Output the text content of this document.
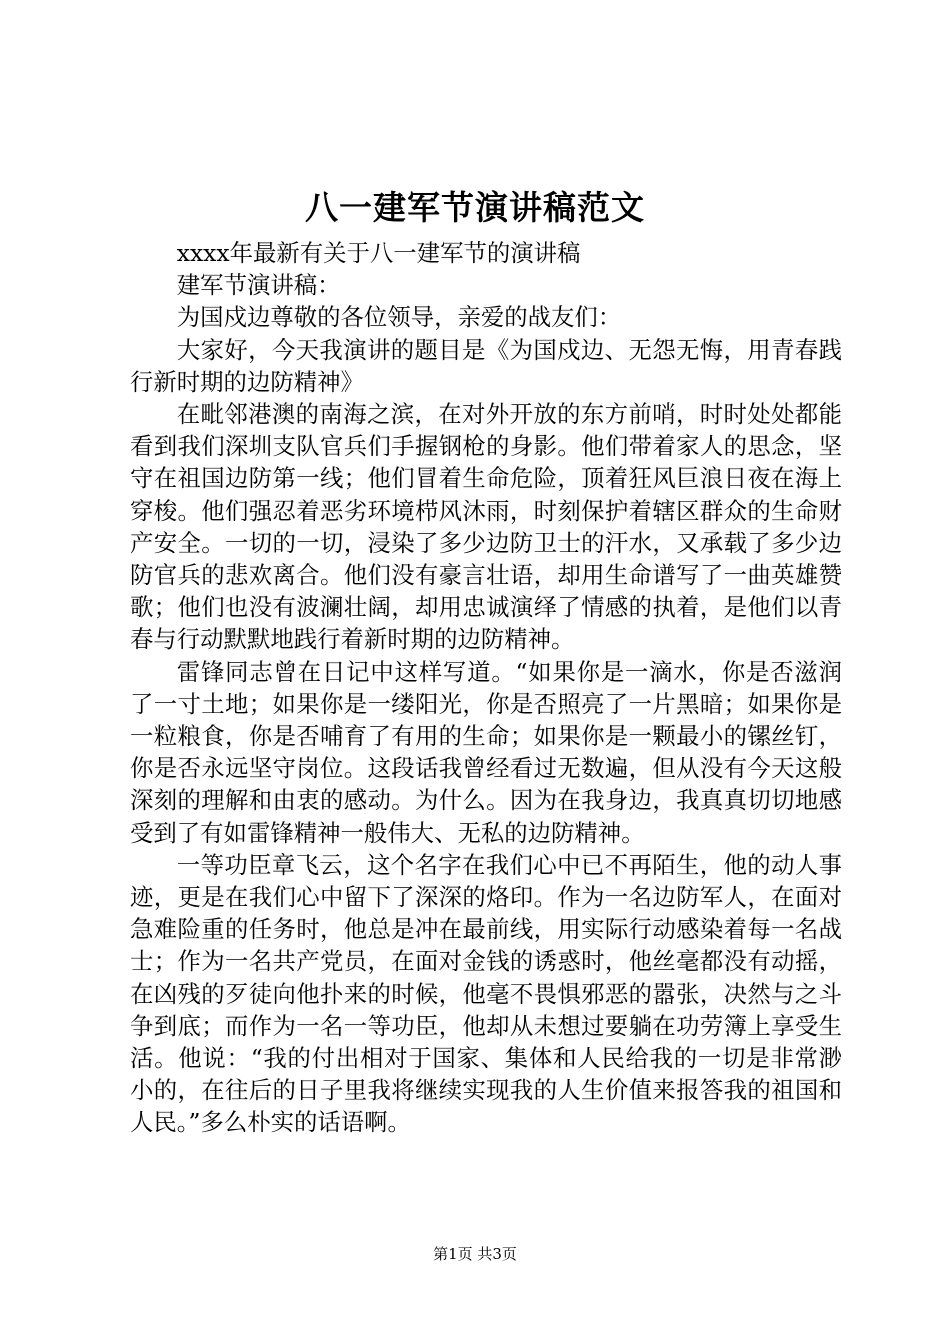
八一建军节演讲稿范文

xxxx年最新有关于八一建军节的演讲稿

建军节演讲稿：

为国戍边尊敬的各位领导，亲爱的战友们：

大家好，今天我演讲的题目是《为国戍边、无怨无悔，用青春践行新时期的边防精神》

在毗邻港澳的南海之滨，在对外开放的东方前哨，时时处处都能看到我们深圳支队官兵们手握钢枪的身影。他们带着家人的思念，坚守在祖国边防第一线；他们冒着生命危险，顶着狂风巨浪日夜在海上穿梭。他们强忍着恶劣环境栉风沐雨，时刻保护着辖区群众的生命财产安全。一切的一切，浸染了多少边防卫士的汗水，又承载了多少边防官兵的悲欢离合。他们没有豪言壮语，却用生命谱写了一曲英雄赞歌；他们也没有波澜壮阔，却用忠诚演绎了情感的执着，是他们以青春与行动默默地践行着新时期的边防精神。

雷锋同志曾在日记中这样写道。“如果你是一滴水，你是否滋润了一寸土地；如果你是一缕阳光，你是否照亮了一片黑暗；如果你是一粒粮食，你是否哺育了有用的生命；如果你是一颗最小的镙丝钉，你是否永远坚守岗位。这段话我曾经看过无数遍，但从没有今天这般深刻的理解和由衷的感动。为什么。因为在我身边，我真真切切地感受到了有如雷锋精神一般伟大、无私的边防精神。

一等功臣章飞云，这个名字在我们心中已不再陌生，他的动人事迹，更是在我们心中留下了深深的烙印。作为一名边防军人，在面对急难险重的任务时，他总是冲在最前线，用实际行动感染着每一名战士；作为一名共产党员，在面对金钱的诱惑时，他丝毫都没有动摇，在凶残的歹徒向他扑来的时候，他毫不畏惧邪恶的嚣张，决然与之斗争到底；而作为一名一等功臣，他却从未想过要躺在功劳簿上享受生活。他说：“我的付出相对于国家、集体和人民给我的一切是非常渺小的，在往后的日子里我将继续实现我的人生价值来报答我的祖国和人民。”多么朴实的话语啊。

第1页 共3页
